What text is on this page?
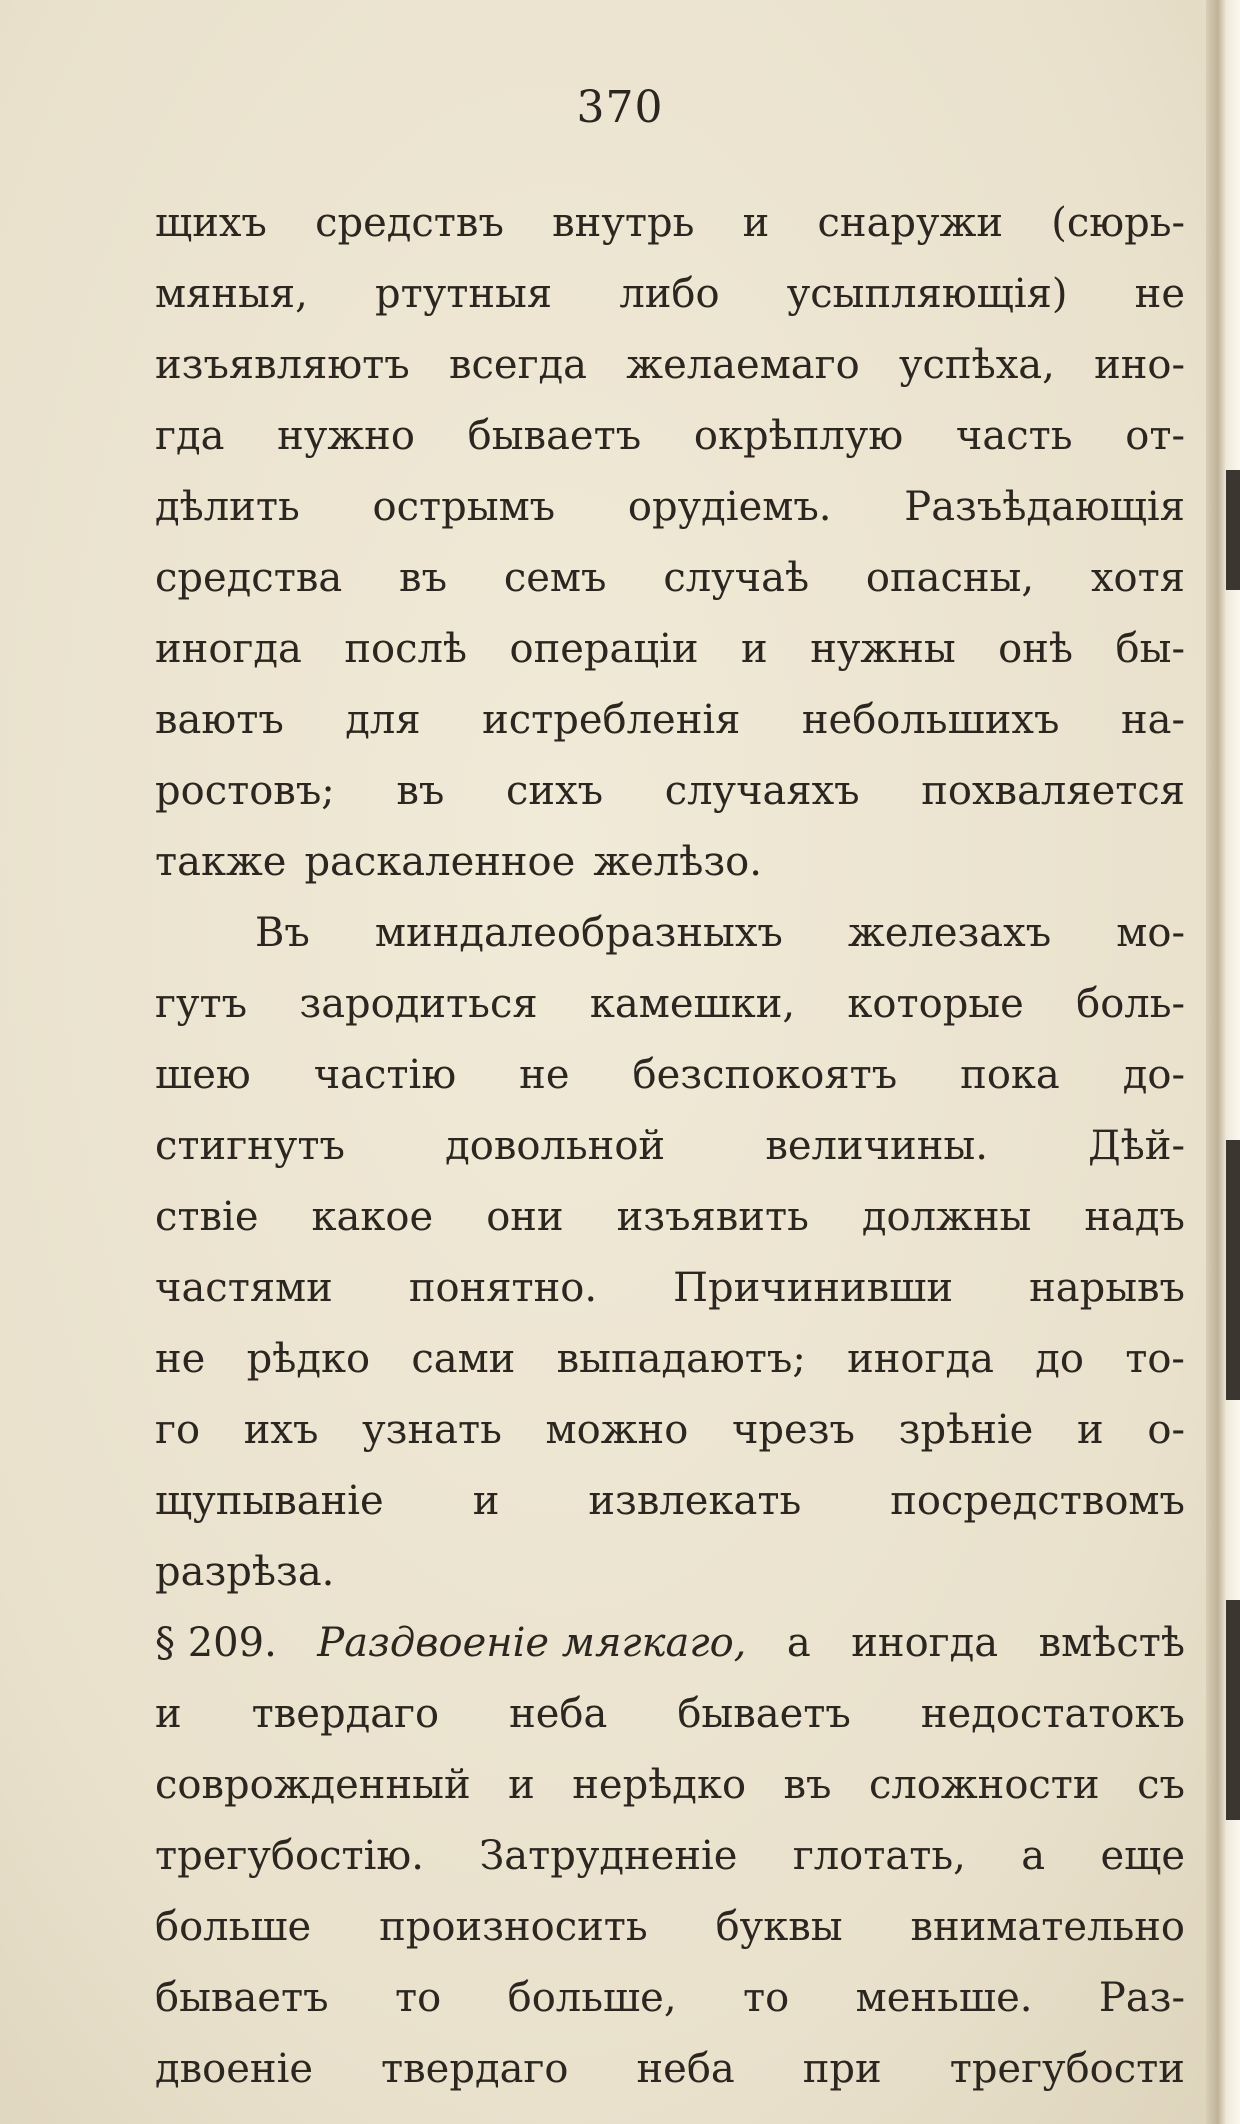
370
щихъ средствъ внутрь и снаружи (сюрь-
мяныя, ртутныя либо усыпляющія) не
изъявляютъ всегда желаемаго успѣха, ино-
гда нужно бываетъ окрѣплую часть от-
дѣлить острымъ орудіемъ. Разъѣдающія
средства въ семъ случаѣ опасны, хотя
иногда послѣ операціи и нужны онѣ бы-
ваютъ для истребленія небольшихъ на-
ростовъ; въ сихъ случаяхъ похваляется
также раскаленное желѣзо.
Въ миндалеобразныхъ железахъ мо-
гутъ зародиться камешки, которые боль-
шею частію не безспокоятъ пока до-
стигнутъ	довольной	величины.	Дѣй-
ствіе какое они изъявить должны надъ
частями понятно. Причинивши нарывъ
не рѣдко сами выпадаютъ; иногда до то-
го ихъ узнать можно чрезъ зрѣніе и о-
щупываніе и извлекать посредствомъ
разрѣза.
§ 209. Раздвоеніе мягкаго, а иногда вмѣстѣ
и твердаго неба бываетъ недостатокъ
соврожденный и нерѣдко въ сложности съ
трегубостію. Затрудненіе глотать, а еще
больше произносить буквы внимательно
бываетъ то больше, то меньше. Раз-
двоеніе твердаго неба при трегубости
